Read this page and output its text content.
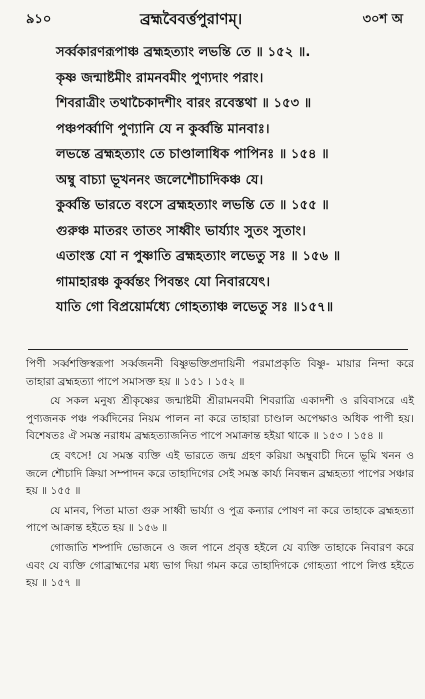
৯১০	ব্রহ্মবৈবর্ত্তপুরাণম্।	৩০শ অ
সর্ব্বকারণরূপাঞ্চ ব্রহ্মহত্যাং লভন্তি তে ॥ ১৫২ ॥.
কৃষ্ণ জন্মাষ্টমীং রামনবমীং পুণ্যদাং পরাং।
শিবরাত্রীং তথাচৈকাদশীং বারং রবেস্তথা ॥ ১৫৩ ॥
পঞ্চপর্ব্বাণি পুণ্যানি যে ন কুর্ব্বন্তি মানবাঃ।
লভন্তে ব্রহ্মহত্যাং তে চাণ্ডালাধিক পাপিনঃ ॥ ১৫৪ ॥
অম্বু বাচ্যা ভূখননং জলেশৌচাদিকঞ্চ যে।
কুর্ব্বন্তি ভারতে বংসে ব্রহ্মহত্যাং লভন্তি তে ॥ ১৫৫ ॥
গুরুঞ্চ মাতরং তাতং সাধ্বীং ভার্য্যাং সুতং সুতাং।
এতাংস্ত যো ন পুষ্ণাতি ব্রহ্মহত্যাং লভেতু সঃ ॥ ১৫৬ ॥
গামাহারঞ্চ কুর্ব্বন্তং পিবন্তং যো নিবারযেৎ।
যাতি গো বিপ্রয়োর্মধ্যে গোহত্যাঞ্চ লভেতু সঃ ॥১৫৭॥

পিণী সর্ব্বশক্তিস্বরূপা সর্ব্বজননী বিষ্ণুভক্তিপ্রদায়িনী পরমাপ্রকৃতি বিষ্ণু- মায়ার নিন্দা করে তাহারা ব্রহ্মহত্যা পাপে সমাসক্ত হয় ॥ ১৫১ । ১৫২ ॥

যে সকল মনুষ্য শ্রীকৃষ্ণের জন্মাষ্টমী শ্রীরামনবমী শিবরাত্রি একাদশী ও রবিবাসরে এই পুণ্যজনক পঞ্চ পর্ব্বদিনের নিয়ম পালন না করে তাহারা চাণ্ডাল অপেক্ষাও অধিক পাপী হয়। বিশেষতঃ ঐ সমস্ত নরাধম ব্রহ্মহত্যাজনিত পাপে সমাক্রান্ত হইয়া থাকে ॥ ১৫৩ । ১৫৪ ॥

হে বৎসে! যে সমস্ত ব্যক্তি এই ভারতে জন্ম গ্রহণ করিয়া অম্বুবাচী দিনে ভূমি খনন ও জলে শৌচাদি ক্রিয়া সম্পাদন করে তাহাদিগের সেই সমস্ত কার্য্য নিবন্ধন ব্রহ্মহত্যা পাপের সঞ্চার হয় ॥ ১৫৫ ॥

যে মানব, পিতা মাতা গুরু সাধ্বী ভার্য্যা ও পুত্র কন্যার পোষণ না করে তাহাকে ব্রহ্মহত্যা পাপে আক্রান্ত হইতে হয় ॥ ১৫৬ ॥

গোজাতি শষ্পাদি ভোজনে ও জল পানে প্রবৃত্ত হইলে যে ব্যক্তি তাহাকে নিবারণ করে এবং যে ব্যক্তি গোব্রাহ্মণের মধ্য ভাগ দিয়া গমন করে তাহাদিগকে গোহত্যা পাপে লিপ্ত হইতে হয় ॥ ১৫৭ ॥
